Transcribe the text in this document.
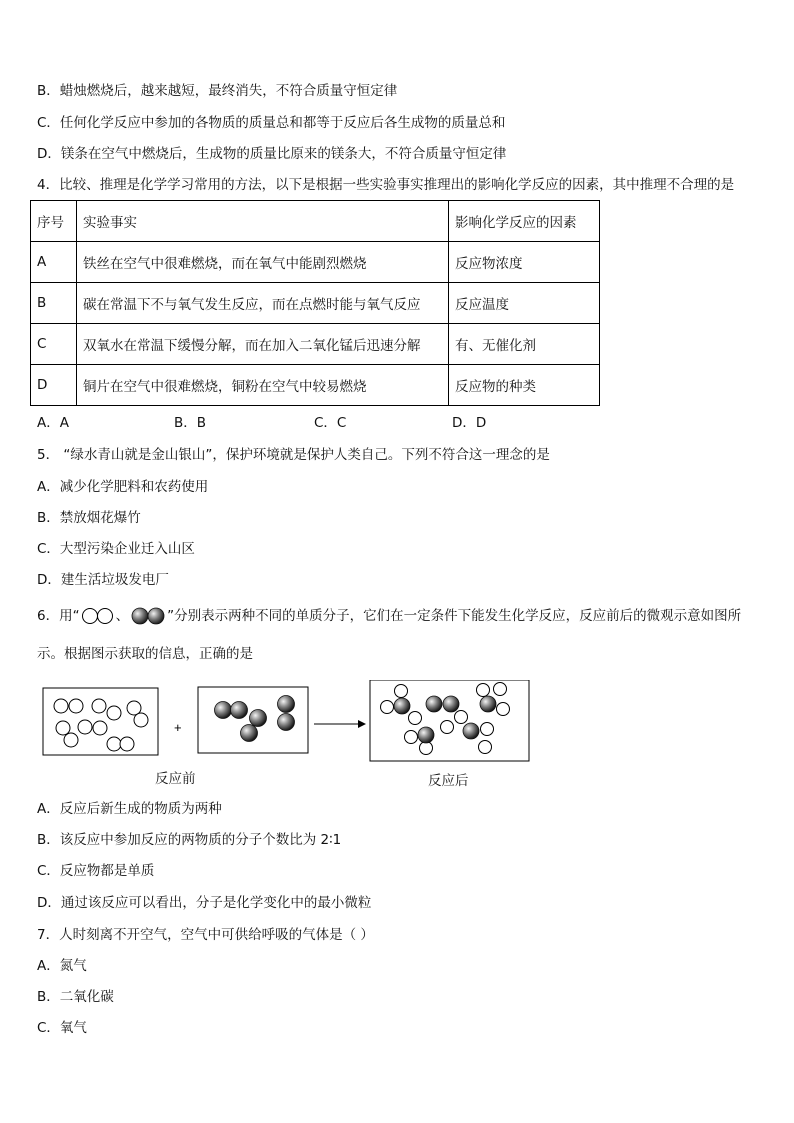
B．蜡烛燃烧后，越来越短，最终消失，不符合质量守恒定律
C．任何化学反应中参加的各物质的质量总和都等于反应后各生成物的质量总和
D．镁条在空气中燃烧后，生成物的质量比原来的镁条大，不符合质量守恒定律
4．比较、推理是化学学习常用的方法，以下是根据一些实验事实推理出的影响化学反应的因素，其中推理不合理的是
序号	实验事实	影响化学反应的因素
A	铁丝在空气中很难燃烧，而在氧气中能剧烈燃烧	反应物浓度
B	碳在常温下不与氧气发生反应，而在点燃时能与氧气反应	反应温度
C	双氧水在常温下缓慢分解，而在加入二氧化锰后迅速分解	有、无催化剂
D	铜片在空气中很难燃烧，铜粉在空气中较易燃烧	反应物的种类
A．A	B．B	C．C	D．D
5． “绿水青山就是金山银山”，保护环境就是保护人类自己。下列不符合这一理念的是
A．减少化学肥料和农药使用
B．禁放烟花爆竹
C．大型污染企业迁入山区
D．建生活垃圾发电厂
6．用“	、	”分别表示两种不同的单质分子，它们在一定条件下能发生化学反应，反应前后的微观示意如图所
示。根据图示获取的信息，正确的是
+
反应前	反应后
A．反应后新生成的物质为两种
B．该反应中参加反应的两物质的分子个数比为 2∶1
C．反应物都是单质
D．通过该反应可以看出，分子是化学变化中的最小微粒
7．人时刻离不开空气，空气中可供给呼吸的气体是（ ）
A．氮气
B．二氧化碳
C．氧气
